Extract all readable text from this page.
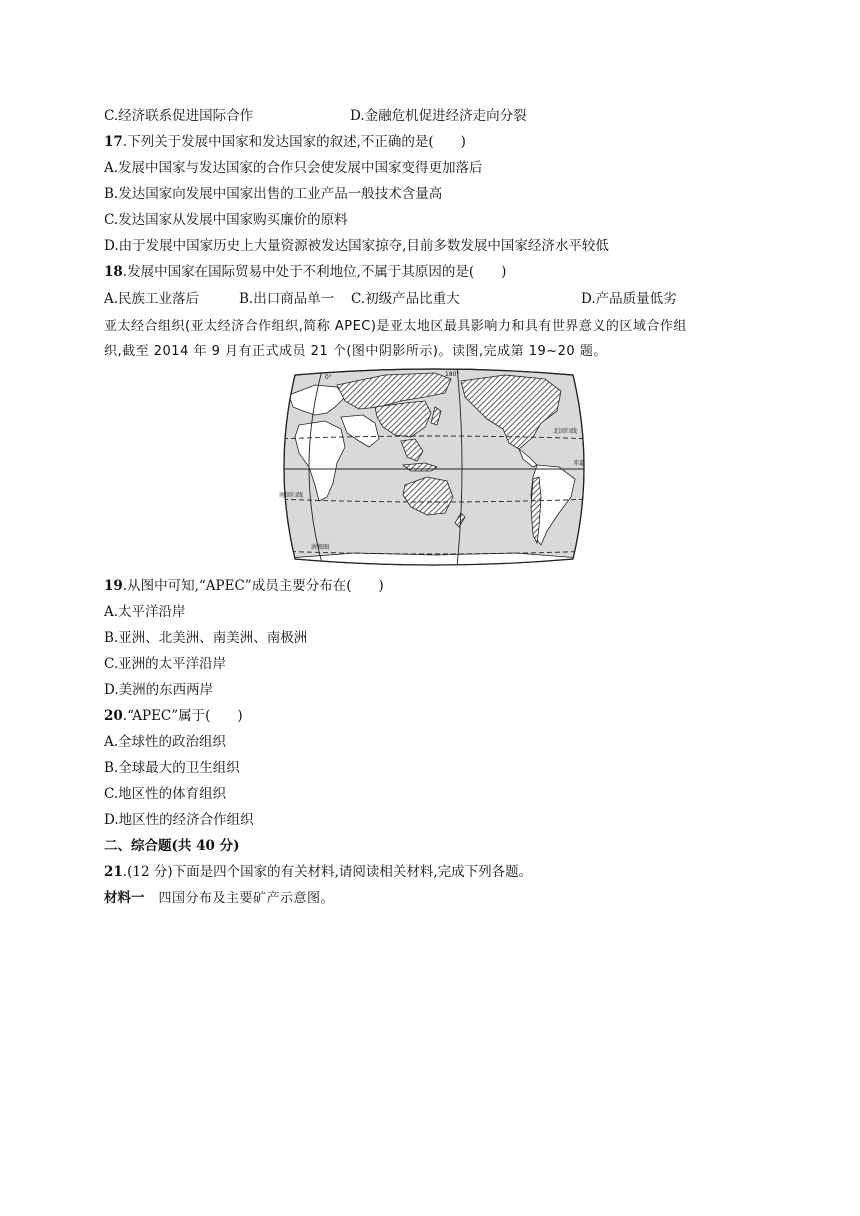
C.经济联系促进国际合作	D.金融危机促进经济走向分裂
17.下列关于发展中国家和发达国家的叙述,不正确的是(　　)
A.发展中国家与发达国家的合作只会使发展中国家变得更加落后
B.发达国家向发展中国家出售的工业产品一般技术含量高
C.发达国家从发展中国家购买廉价的原料
D.由于发展中国家历史上大量资源被发达国家掠夺,目前多数发展中国家经济水平较低
18.发展中国家在国际贸易中处于不利地位,不属于其原因的是(　　)
A.民族工业落后	B.出口商品单一 C.初级产品比重大	D.产品质量低劣
亚太经合组织(亚太经济合作组织,简称 APEC)是亚太地区最具影响力和具有世界意义的区域合作组
织,截至 2014 年 9 月有正式成员 21 个(图中阴影所示)。读图,完成第 19~20 题。
180°
0°
北回归线
赤道
南回归线
南极圈
19.从图中可知,“APEC”成员主要分布在(　　)
A.太平洋沿岸
B.亚洲、北美洲、南美洲、南极洲
C.亚洲的太平洋沿岸
D.美洲的东西两岸
20.“APEC”属于(　　)
A.全球性的政治组织
B.全球最大的卫生组织
C.地区性的体育组织
D.地区性的经济合作组织
二、综合题(共 40 分)
21.(12 分)下面是四个国家的有关材料,请阅读相关材料,完成下列各题。
材料一 四国分布及主要矿产示意图。
